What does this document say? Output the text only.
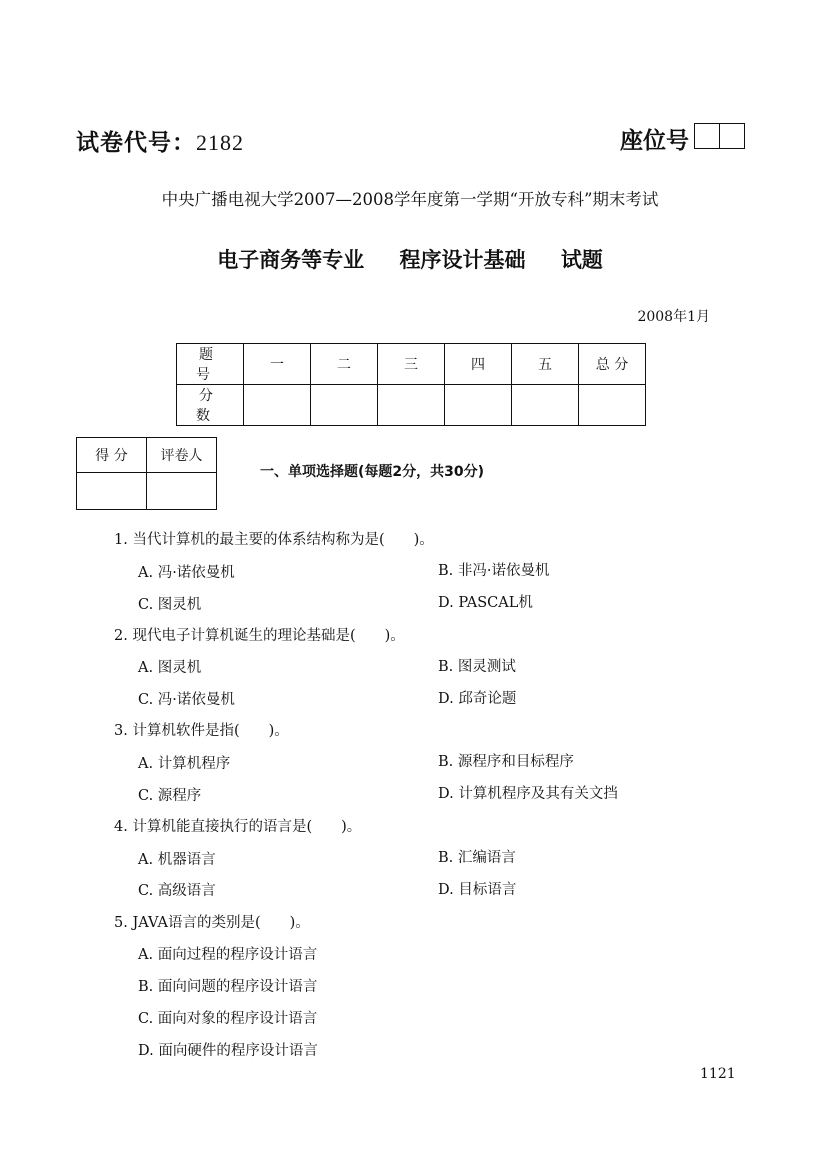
试卷代号：2182	座位号
中央广播电视大学2007—2008学年度第一学期“开放专科”期末考试
电子商务等专业 程序设计基础 试题
2008年1月
题 号	一	二	三	四	五	总 分
分 数						
得 分	评卷人

一、单项选择题(每题2分，共30分)
1. 当代计算机的最主要的体系结构称为是(　　)。
A. 冯·诺依曼机	B. 非冯·诺依曼机
C. 图灵机	D. PASCAL机
2. 现代电子计算机诞生的理论基础是(　　)。
A. 图灵机	B. 图灵测试
C. 冯·诺依曼机	D. 邱奇论题
3. 计算机软件是指(　　)。
A. 计算机程序	B. 源程序和目标程序
C. 源程序	D. 计算机程序及其有关文挡
4. 计算机能直接执行的语言是(　　)。
A. 机器语言	B. 汇编语言
C. 高级语言	D. 目标语言
5. JAVA语言的类别是(　　)。
A. 面向过程的程序设计语言
B. 面向问题的程序设计语言
C. 面向对象的程序设计语言
D. 面向硬件的程序设计语言
1121
